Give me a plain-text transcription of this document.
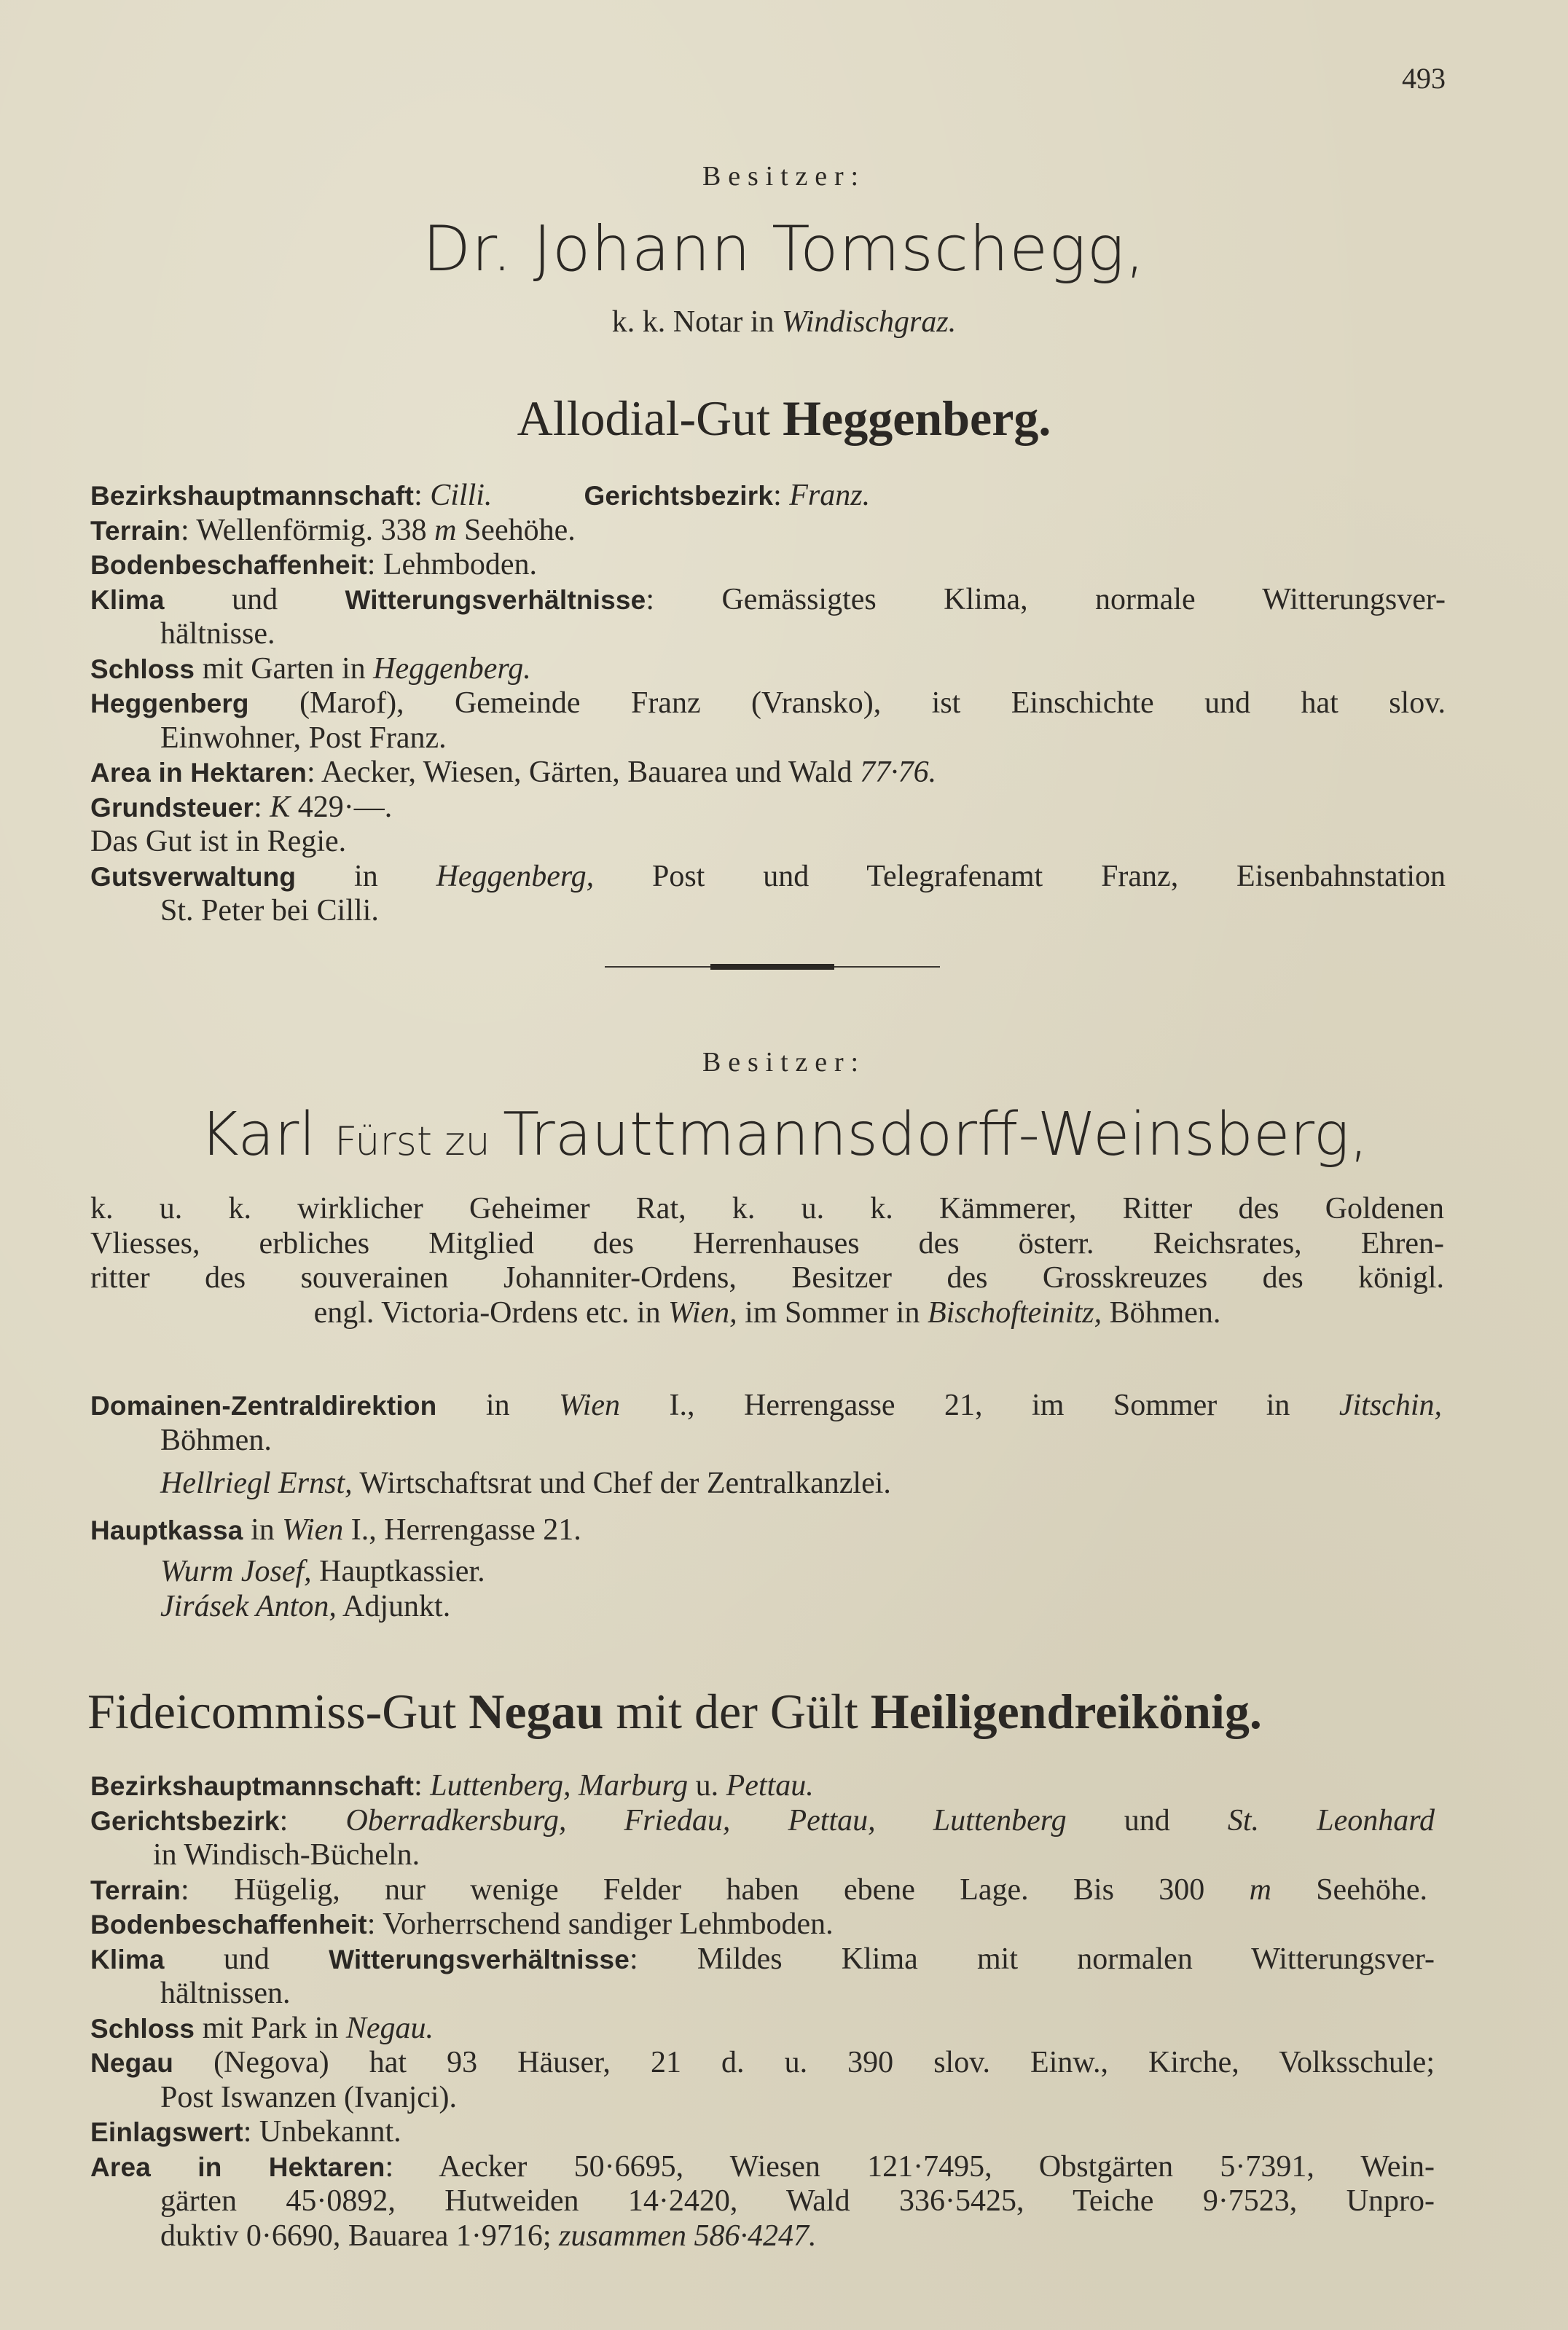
493
Besitzer:
Dr. Johann Tomschegg,
k. k. Notar in Windischgraz.
Allodial-Gut Heggenberg.
Bezirkshauptmannschaft: Cilli.	Gerichtsbezirk: Franz.
Terrain: Wellenförmig. 338 m Seehöhe.
Bodenbeschaffenheit: Lehmboden.
Klima und Witterungsverhältnisse: Gemässigtes Klima, normale Witterungsver-
hältnisse.
Schloss mit Garten in Heggenberg.
Heggenberg (Marof), Gemeinde Franz (Vransko), ist Einschichte und hat slov.
Einwohner, Post Franz.
Area in Hektaren: Aecker, Wiesen, Gärten, Bauarea und Wald 77·76.
Grundsteuer: K 429·—.
Das Gut ist in Regie.
Gutsverwaltung in Heggenberg, Post und Telegrafenamt Franz, Eisenbahnstation
St. Peter bei Cilli.
Besitzer:
Karl Fürst zu Trauttmannsdorff-Weinsberg,
k. u. k. wirklicher Geheimer Rat, k. u. k. Kämmerer, Ritter des Goldenen
Vliesses, erbliches Mitglied des Herrenhauses des österr. Reichsrates, Ehren-
ritter des souverainen Johanniter-Ordens, Besitzer des Grosskreuzes des königl.
engl. Victoria-Ordens etc. in Wien, im Sommer in Bischofteinitz, Böhmen.
Domainen-Zentraldirektion in Wien I., Herrengasse 21, im Sommer in Jitschin,
Böhmen.
Hellriegl Ernst, Wirtschaftsrat und Chef der Zentralkanzlei.
Hauptkassa in Wien I., Herrengasse 21.
Wurm Josef, Hauptkassier.
Jirásek Anton, Adjunkt.
Fideicommiss-Gut Negau mit der Gült Heiligendreikönig.
Bezirkshauptmannschaft: Luttenberg, Marburg u. Pettau.
Gerichtsbezirk: Oberradkersburg, Friedau, Pettau, Luttenberg und St. Leonhard
in Windisch-Bücheln.
Terrain: Hügelig, nur wenige Felder haben ebene Lage. Bis 300 m Seehöhe.
Bodenbeschaffenheit: Vorherrschend sandiger Lehmboden.
Klima und Witterungsverhältnisse: Mildes Klima mit normalen Witterungsver-
hältnissen.
Schloss mit Park in Negau.
Negau (Negova) hat 93 Häuser, 21 d. u. 390 slov. Einw., Kirche, Volksschule;
Post Iswanzen (Ivanjci).
Einlagswert: Unbekannt.
Area in Hektaren: Aecker 50·6695, Wiesen 121·7495, Obstgärten 5·7391, Wein-
gärten 45·0892, Hutweiden 14·2420, Wald 336·5425, Teiche 9·7523, Unpro-
duktiv 0·6690, Bauarea 1·9716; zusammen 586·4247.
